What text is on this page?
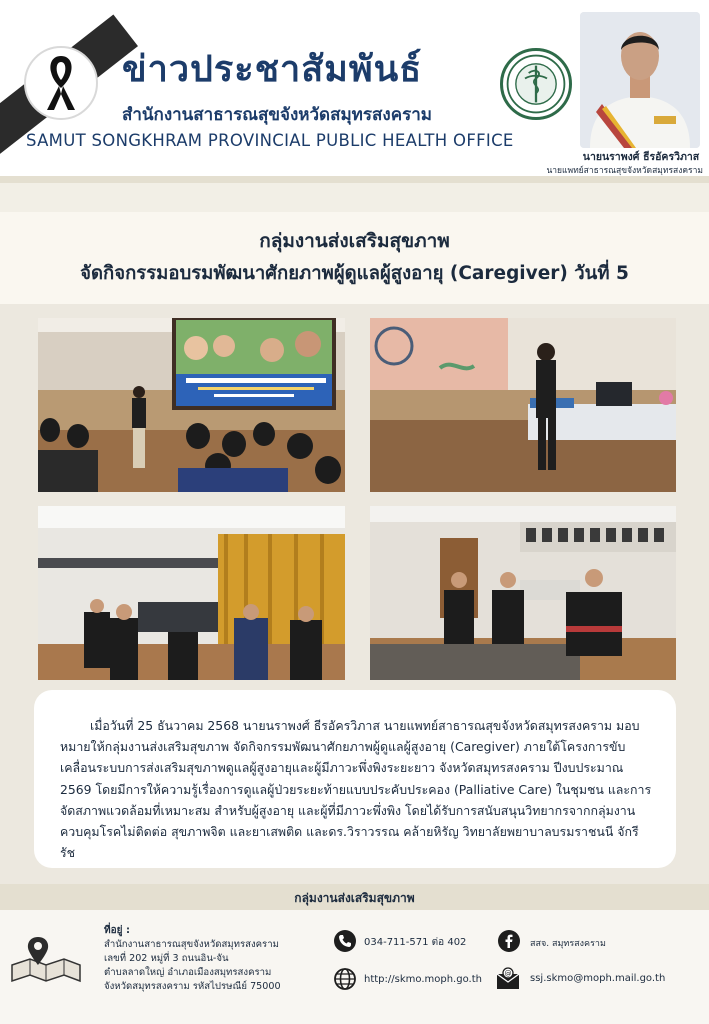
ข่าวประชาสัมพันธ์
สำนักงานสาธารณสุขจังหวัดสมุทรสงคราม
SAMUT SONGKHRAM PROVINCIAL PUBLIC HEALTH OFFICE
นายนราพงศ์ ธีรอัครวิภาส
นายแพทย์สาธารณสุขจังหวัดสมุทรสงคราม
กลุ่มงานส่งเสริมสุขภาพ
จัดกิจกรรมอบรมพัฒนาศักยภาพผู้ดูแลผู้สูงอายุ (Caregiver) วันที่ 5

เมื่อวันที่ 25 ธันวาคม 2568 นายนราพงศ์ ธีรอัครวิภาส นายแพทย์สาธารณสุขจังหวัดสมุทรสงคราม มอบหมายให้กลุ่มงานส่งเสริมสุขภาพ จัดกิจกรรมพัฒนาศักยภาพผู้ดูแลผู้สูงอายุ (Caregiver) ภายใต้โครงการขับเคลื่อนระบบการส่งเสริมสุขภาพดูแลผู้สูงอายุและผู้มีภาวะพึ่งพิงระยะยาว จังหวัดสมุทรสงคราม ปีงบประมาณ 2569 โดยมีการให้ความรู้เรื่องการดูแลผู้ป่วยระยะท้ายแบบประคับประคอง (Palliative Care) ในชุมชน และการจัดสภาพแวดล้อมที่เหมาะสม สำหรับผู้สูงอายุ และผู้ที่มีภาวะพึ่งพิง โดยได้รับการสนับสนุนวิทยากรจากกลุ่มงานควบคุมโรคไม่ติดต่อ สุขภาพจิต และยาเสพติด และดร.วิราวรรณ คล้ายหิรัญ วิทยาลัยพยาบาลบรมราชนนี จักรีรัช

กลุ่มงานส่งเสริมสุขภาพ
ที่อยู่ :
สำนักงานสาธารณสุขจังหวัดสมุทรสงคราม
เลขที่ 202 หมู่ที่ 3 ถนนอิน-จัน
ตำบลลาดใหญ่ อำเภอเมืองสมุทรสงคราม
จังหวัดสมุทรสงคราม รหัสไปรษณีย์ 75000
034-711-571 ต่อ 402	สสจ. สมุทรสงคราม
http://skmo.moph.go.th
@ ssj.skmo@moph.mail.go.th
